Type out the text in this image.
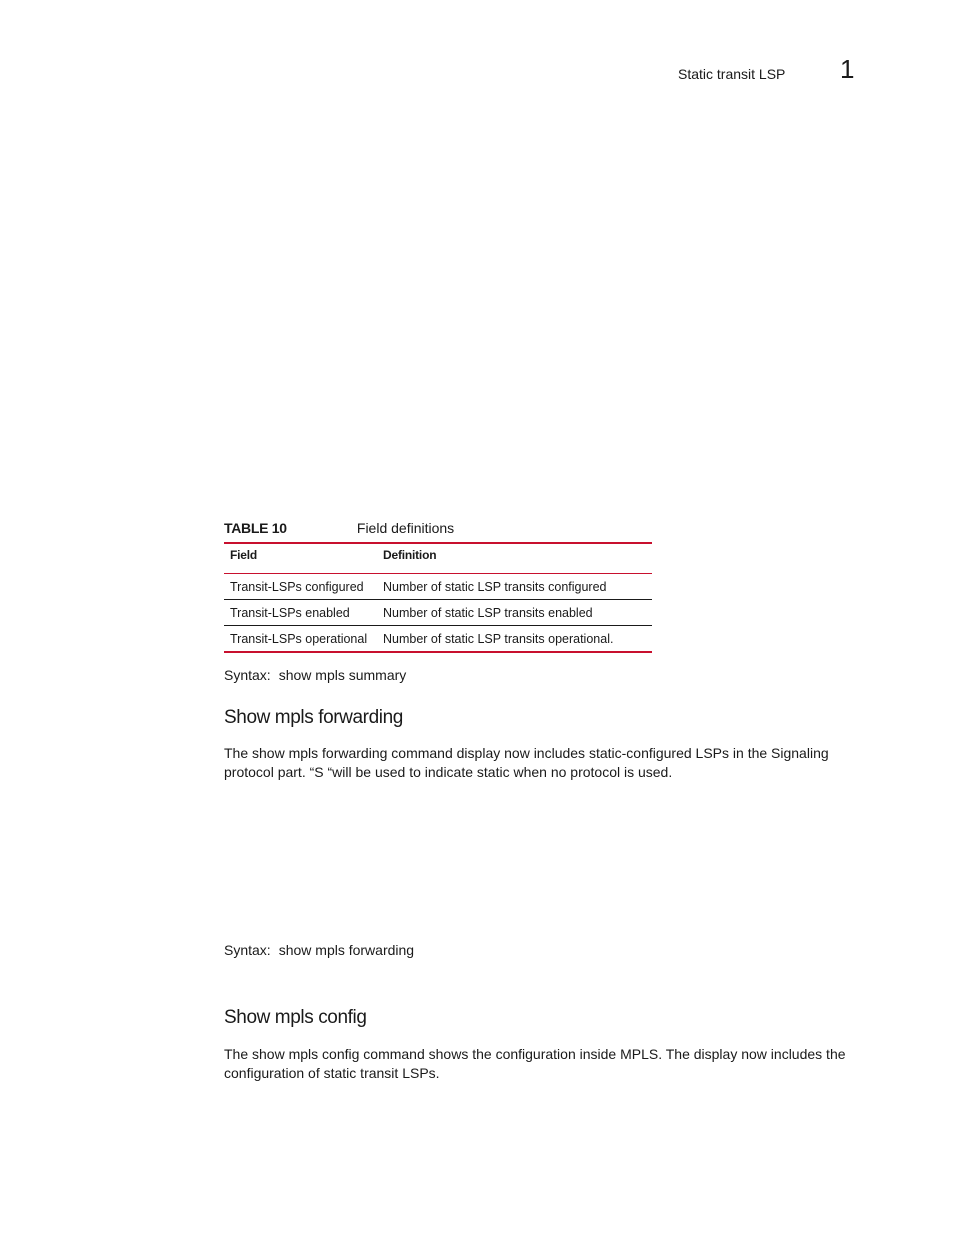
Static transit LSP 1
TABLE 10	Field definitions
Field	Definition
Transit-LSPs configured	Number of static LSP transits configured
Transit-LSPs enabled	Number of static LSP transits enabled
Transit-LSPs operational	Number of static LSP transits operational.
Syntax: show mpls summary
Show mpls forwarding
The show mpls forwarding command display now includes static-configured LSPs in the Signaling protocol part. “S “will be used to indicate static when no protocol is used.
Syntax: show mpls forwarding
Show mpls config
The show mpls config command shows the configuration inside MPLS. The display now includes the configuration of static transit LSPs.
